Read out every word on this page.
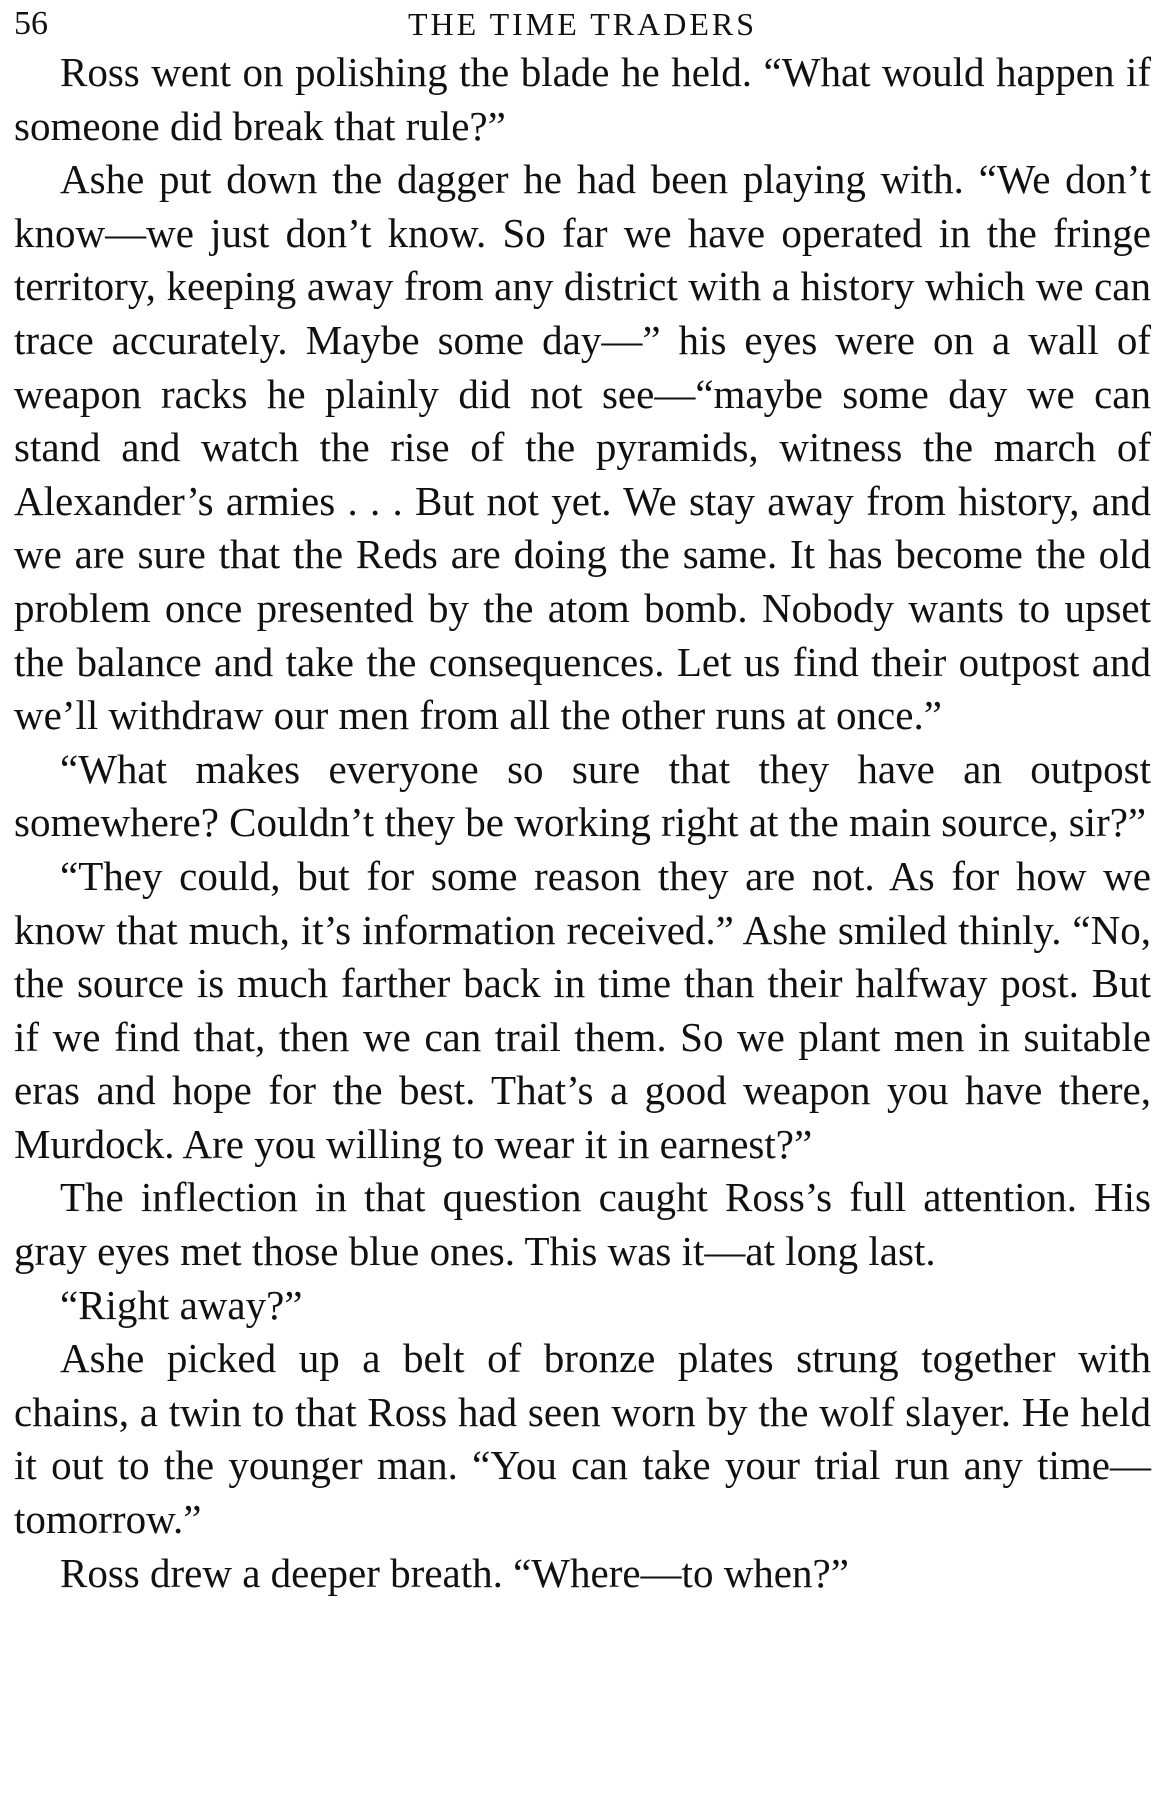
56	THE TIME TRADERS

Ross went on polishing the blade he held. “What would happen if someone did break that rule?”

Ashe put down the dagger he had been playing with. “We don’t know—we just don’t know. So far we have operated in the fringe territory, keeping away from any district with a history which we can trace accurately. Maybe some day—” his eyes were on a wall of weapon racks he plainly did not see—“maybe some day we can stand and watch the rise of the pyramids, witness the march of Alexander’s armies . . . But not yet. We stay away from history, and we are sure that the Reds are doing the same. It has become the old problem once presented by the atom bomb. Nobody wants to upset the balance and take the consequences. Let us find their outpost and we’ll withdraw our men from all the other runs at once.”

“What makes everyone so sure that they have an outpost somewhere? Couldn’t they be working right at the main source, sir?”

“They could, but for some reason they are not. As for how we know that much, it’s information received.” Ashe smiled thinly. “No, the source is much farther back in time than their halfway post. But if we find that, then we can trail them. So we plant men in suitable eras and hope for the best. That’s a good weapon you have there, Murdock. Are you willing to wear it in earnest?”

The inflection in that question caught Ross’s full attention. His gray eyes met those blue ones. This was it—at long last.

“Right away?”

Ashe picked up a belt of bronze plates strung together with chains, a twin to that Ross had seen worn by the wolf slayer. He held it out to the younger man. “You can take your trial run any time—tomorrow.”

Ross drew a deeper breath. “Where—to when?”
